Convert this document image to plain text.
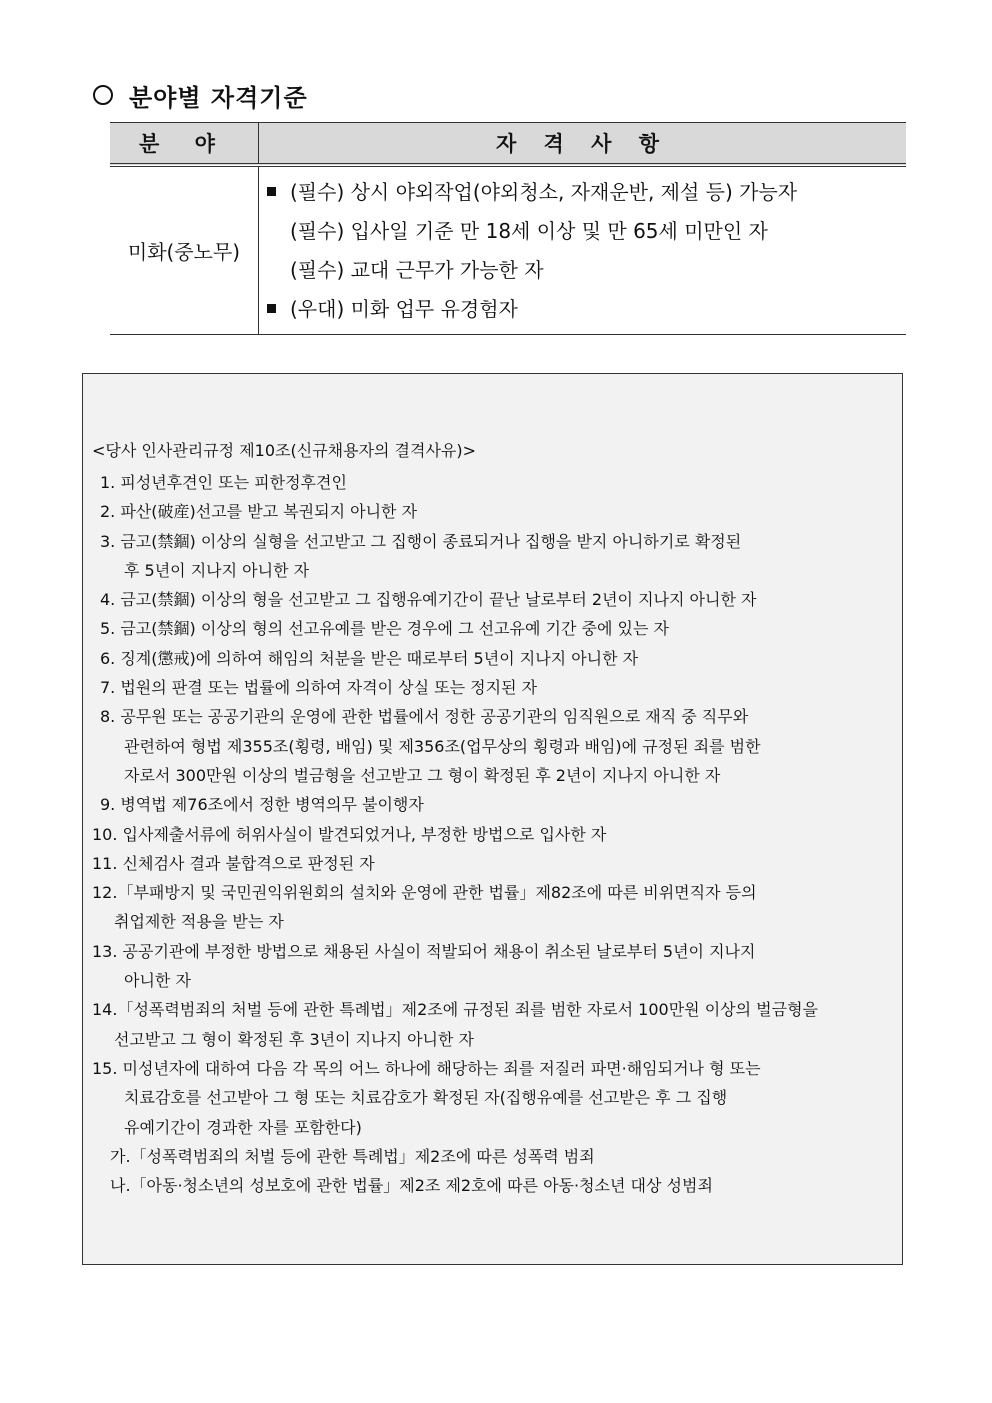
분야별 자격기준
분 야	자 격 사 항
미화(중노무)	(필수) 상시 야외작업(야외청소, 자재운반, 제설 등) 가능자
(필수) 입사일 기준 만 18세 이상 및 만 65세 미만인 자
(필수) 교대 근무가 가능한 자
(우대) 미화 업무 유경험자
<당사 인사관리규정 제10조(신규채용자의 결격사유)>
1. 피성년후견인 또는 피한정후견인
2. 파산(破産)선고를 받고 복권되지 아니한 자
3. 금고(禁錮) 이상의 실형을 선고받고 그 집행이 종료되거나 집행을 받지 아니하기로 확정된
후 5년이 지나지 아니한 자
4. 금고(禁錮) 이상의 형을 선고받고 그 집행유예기간이 끝난 날로부터 2년이 지나지 아니한 자
5. 금고(禁錮) 이상의 형의 선고유예를 받은 경우에 그 선고유예 기간 중에 있는 자
6. 징계(懲戒)에 의하여 해임의 처분을 받은 때로부터 5년이 지나지 아니한 자
7. 법원의 판결 또는 법률에 의하여 자격이 상실 또는 정지된 자
8. 공무원 또는 공공기관의 운영에 관한 법률에서 정한 공공기관의 임직원으로 재직 중 직무와
관련하여 형법 제355조(횡령, 배임) 및 제356조(업무상의 횡령과 배임)에 규정된 죄를 범한
자로서 300만원 이상의 벌금형을 선고받고 그 형이 확정된 후 2년이 지나지 아니한 자
9. 병역법 제76조에서 정한 병역의무 불이행자
10. 입사제출서류에 허위사실이 발견되었거나, 부정한 방법으로 입사한 자
11. 신체검사 결과 불합격으로 판정된 자
12.「부패방지 및 국민권익위원회의 설치와 운영에 관한 법률」제82조에 따른 비위면직자 등의
취업제한 적용을 받는 자
13. 공공기관에 부정한 방법으로 채용된 사실이 적발되어 채용이 취소된 날로부터 5년이 지나지
아니한 자
14.「성폭력범죄의 처벌 등에 관한 특례법」제2조에 규정된 죄를 범한 자로서 100만원 이상의 벌금형을
선고받고 그 형이 확정된 후 3년이 지나지 아니한 자
15. 미성년자에 대하여 다음 각 목의 어느 하나에 해당하는 죄를 저질러 파면·해임되거나 형 또는
치료감호를 선고받아 그 형 또는 치료감호가 확정된 자(집행유예를 선고받은 후 그 집행
유예기간이 경과한 자를 포함한다)
가.「성폭력범죄의 처벌 등에 관한 특례법」제2조에 따른 성폭력 범죄
나.「아동·청소년의 성보호에 관한 법률」제2조 제2호에 따른 아동·청소년 대상 성범죄
